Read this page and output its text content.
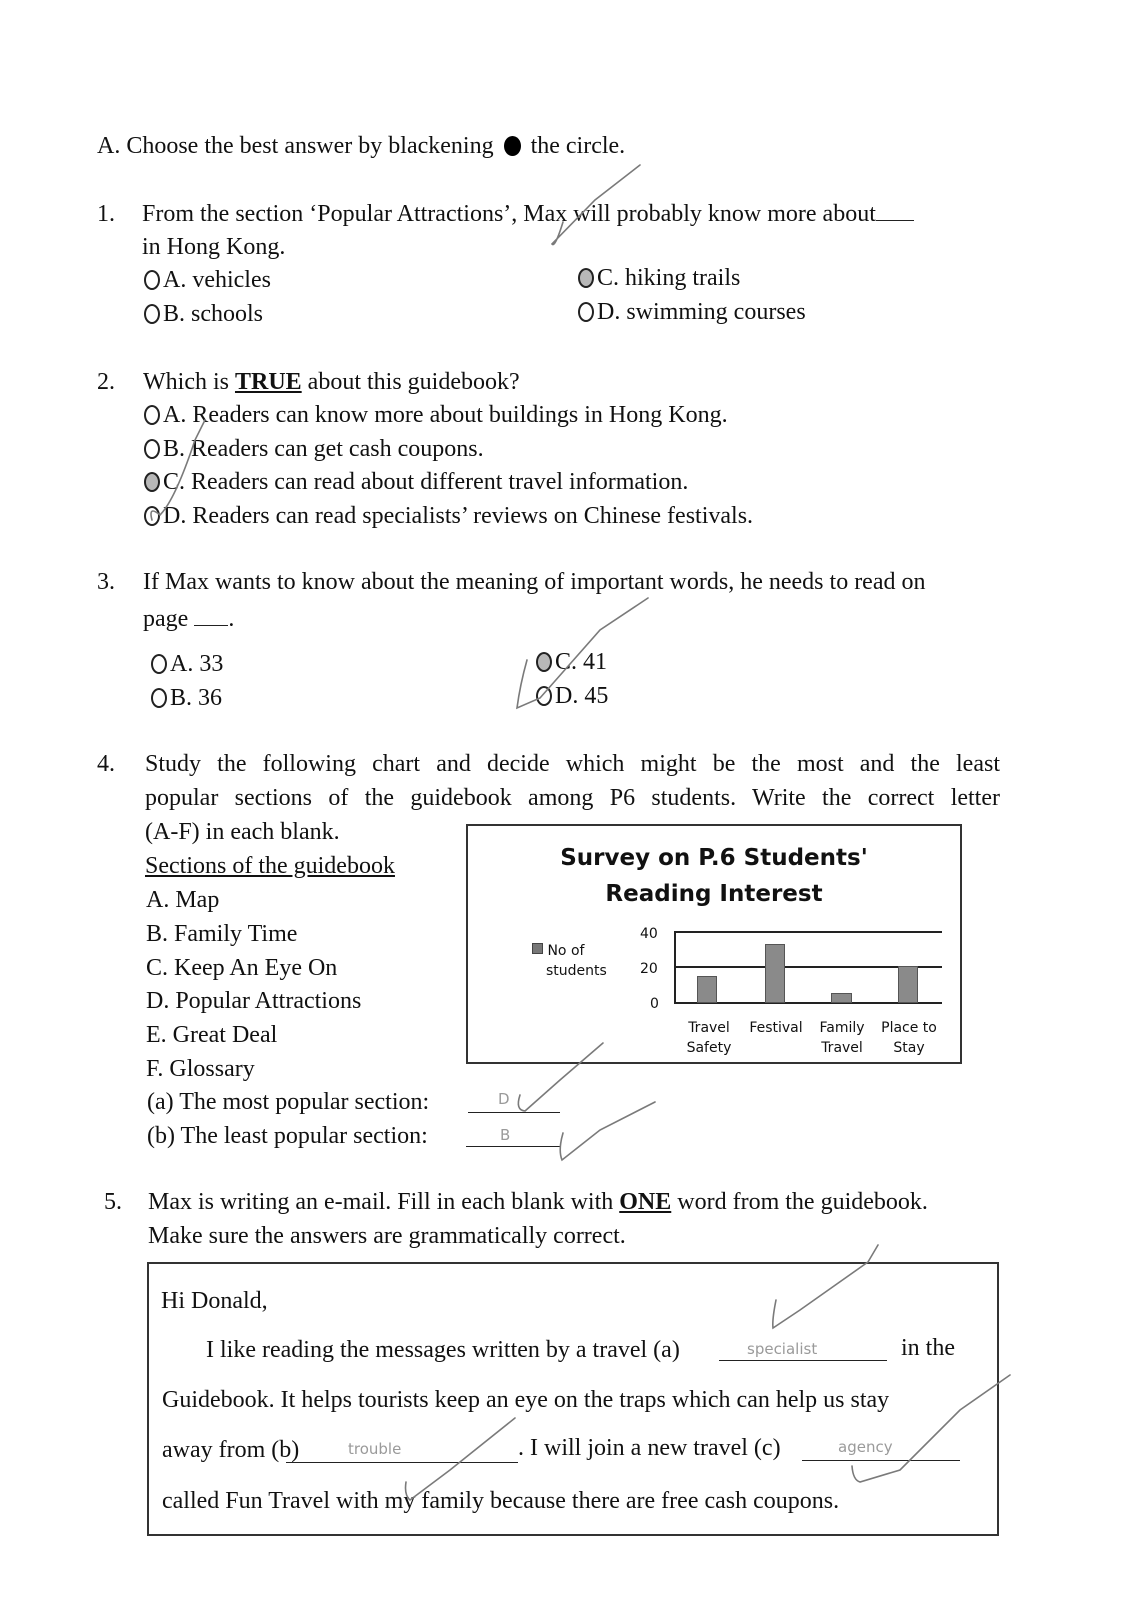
A. Choose the best answer by blackening the circle.
1. From the section ‘Popular Attractions’, Max will probably know more about
in Hong Kong.
A. vehicles
B. schools
C. hiking trails
D. swimming courses
2. Which is TRUE about this guidebook?
A. Readers can know more about buildings in Hong Kong.
B. Readers can get cash coupons.
C. Readers can read about different travel information.
D. Readers can read specialists’ reviews on Chinese festivals.
3. If Max wants to know about the meaning of important words, he needs to read on
page .
A. 33
B. 36
C. 41
D. 45
4. Study the following chart and decide which might be the most and the least
popular sections of the guidebook among P6 students. Write the correct letter
(A-F) in each blank.
Sections of the guidebook
A. Map
B. Family Time
C. Keep An Eye On
D. Popular Attractions
E. Great Deal
F. Glossary
(a) The most popular section:	D
(b) The least popular section:	B
Survey on P.6 Students'
Reading Interest
No of
students
40
20
0
Travel
Safety
Festival	Family
Travel
Place to
Stay
5. Max is writing an e-mail. Fill in each blank with ONE word from the guidebook.
Make sure the answers are grammatically correct.
Hi Donald,
I like reading the messages written by a travel (a)	specialist	in the
Guidebook. It helps tourists keep an eye on the traps which can help us stay
away from (b)	trouble	. I will join a new travel (c)	agency
called Fun Travel with my family because there are free cash coupons.
